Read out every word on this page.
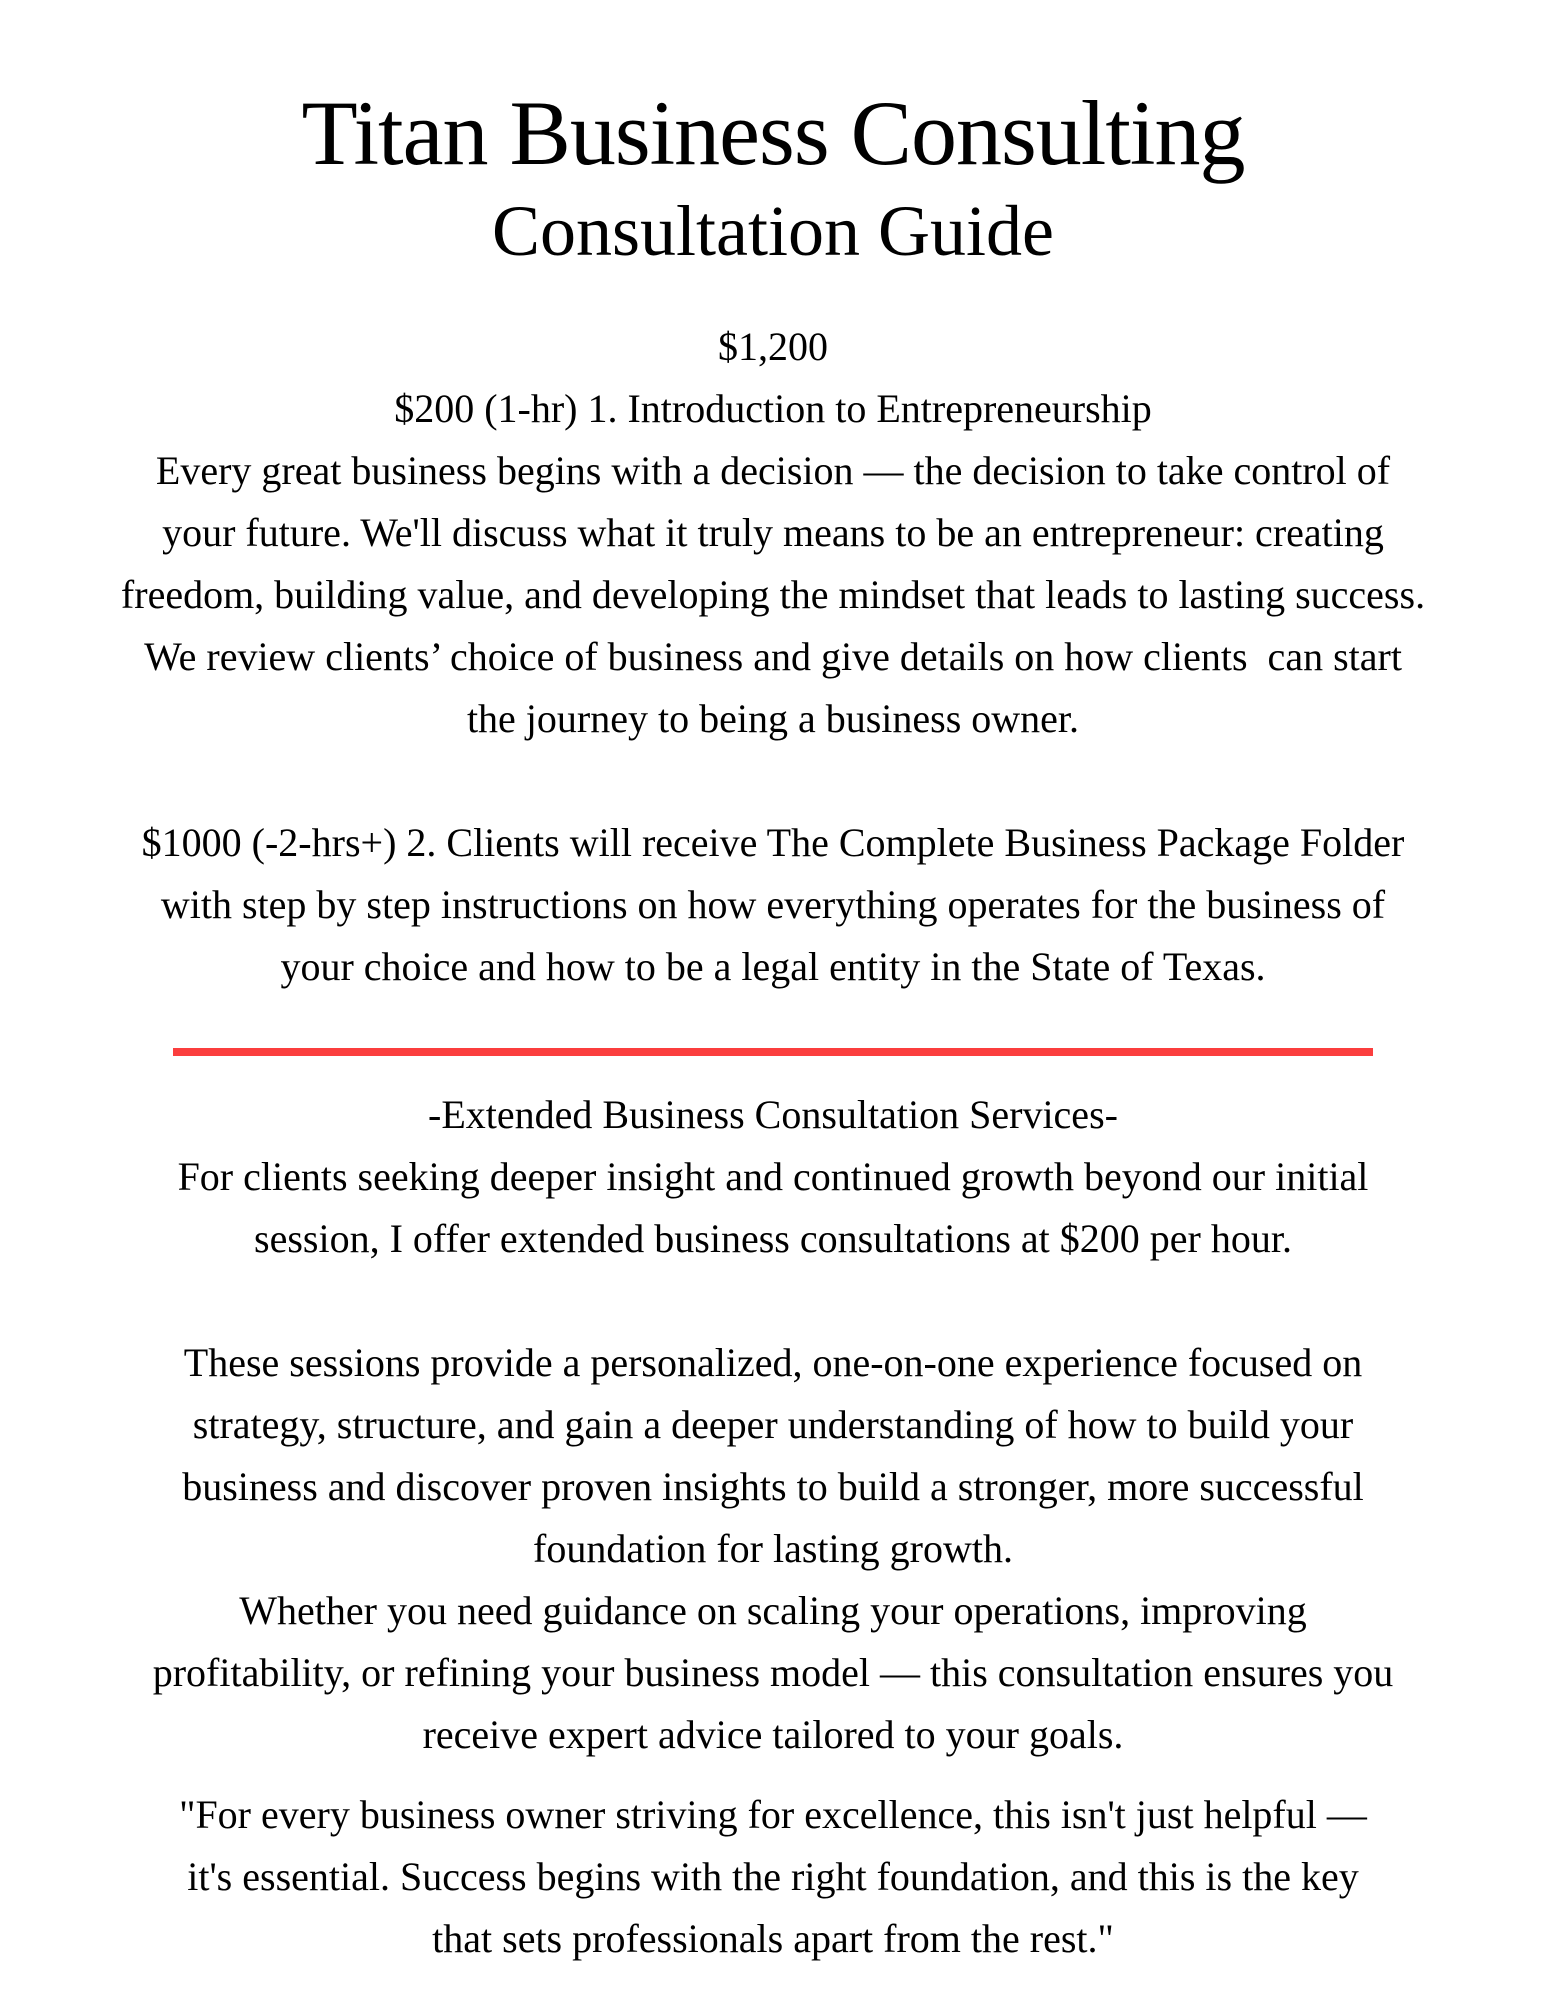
Titan Business Consulting
Consultation Guide

$1,200

$200 (1-hr) 1. Introduction to Entrepreneurship

Every great business begins with a decision — the decision to take control of

your future. We'll discuss what it truly means to be an entrepreneur: creating

freedom, building value, and developing the mindset that leads to lasting success.

We review clients’ choice of business and give details on how clients  can start

the journey to being a business owner.

$1000 (-2-hrs+) 2. Clients will receive The Complete Business Package Folder

with step by step instructions on how everything operates for the business of

your choice and how to be a legal entity in the State of Texas.

-Extended Business Consultation Services-

For clients seeking deeper insight and continued growth beyond our initial

session, I offer extended business consultations at $200 per hour.

These sessions provide a personalized, one-on-one experience focused on

strategy, structure, and gain a deeper understanding of how to build your

business and discover proven insights to build a stronger, more successful

foundation for lasting growth.

Whether you need guidance on scaling your operations, improving

profitability, or refining your business model — this consultation ensures you

receive expert advice tailored to your goals.

"For every business owner striving for excellence, this isn't just helpful —

it's essential. Success begins with the right foundation, and this is the key

that sets professionals apart from the rest."
